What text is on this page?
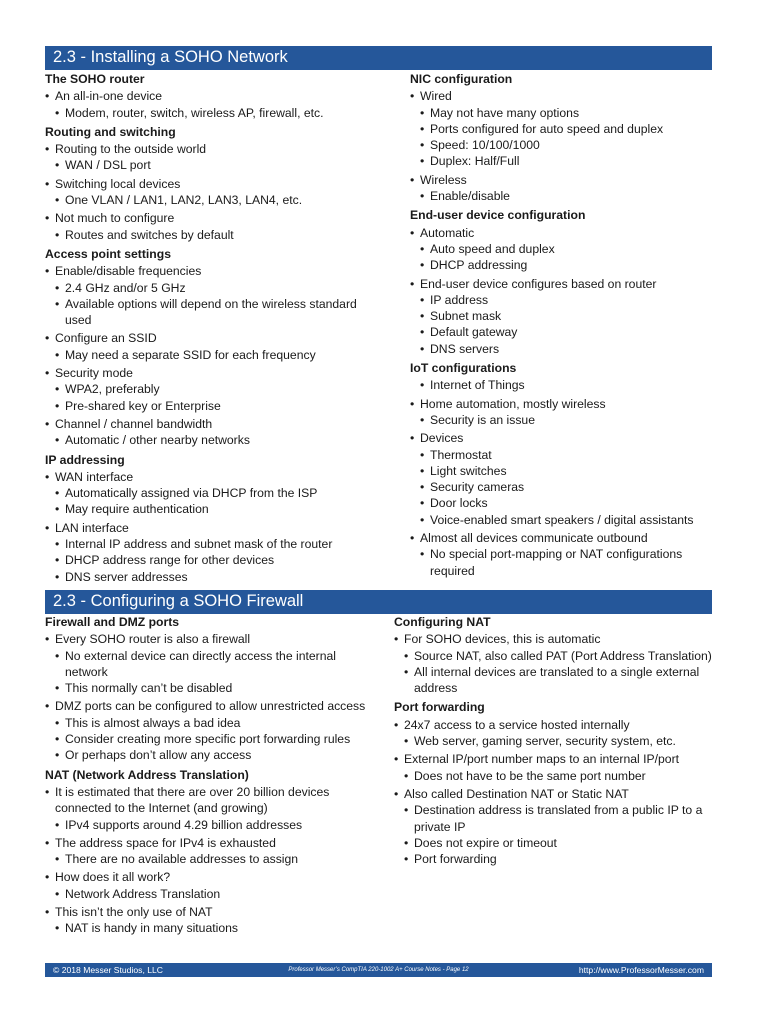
2.3 - Installing a SOHO Network
The SOHO router
• An all-in-one device
• Modem, router, switch, wireless AP, firewall, etc.
Routing and switching
• Routing to the outside world
• WAN / DSL port
• Switching local devices
• One VLAN / LAN1, LAN2, LAN3, LAN4, etc.
• Not much to configure
• Routes and switches by default
Access point settings
• Enable/disable frequencies
• 2.4 GHz and/or 5 GHz
• Available options will depend on the wireless standard used
• Configure an SSID
• May need a separate SSID for each frequency
• Security mode
• WPA2, preferably
• Pre-shared key or Enterprise
• Channel / channel bandwidth
• Automatic / other nearby networks
IP addressing
• WAN interface
• Automatically assigned via DHCP from the ISP
• May require authentication
• LAN interface
• Internal IP address and subnet mask of the router
• DHCP address range for other devices
• DNS server addresses
NIC configuration
• Wired
• May not have many options
• Ports configured for auto speed and duplex
• Speed: 10/100/1000
• Duplex: Half/Full
• Wireless
• Enable/disable
End-user device configuration
• Automatic
• Auto speed and duplex
• DHCP addressing
• End-user device configures based on router
• IP address
• Subnet mask
• Default gateway
• DNS servers
IoT configurations
• Internet of Things
• Home automation, mostly wireless
• Security is an issue
• Devices
• Thermostat
• Light switches
• Security cameras
• Door locks
• Voice-enabled smart speakers / digital assistants
• Almost all devices communicate outbound
• No special port-mapping or NAT configurations required
2.3 - Configuring a SOHO Firewall
Firewall and DMZ ports
• Every SOHO router is also a firewall
• No external device can directly access the internal network
• This normally can’t be disabled
• DMZ ports can be configured to allow unrestricted access
• This is almost always a bad idea
• Consider creating more specific port forwarding rules
• Or perhaps don’t allow any access
NAT (Network Address Translation)
• It is estimated that there are over 20 billion devices connected to the Internet (and growing)
• IPv4 supports around 4.29 billion addresses
• The address space for IPv4 is exhausted
• There are no available addresses to assign
• How does it all work?
• Network Address Translation
• This isn’t the only use of NAT
• NAT is handy in many situations
Configuring NAT
• For SOHO devices, this is automatic
• Source NAT, also called PAT (Port Address Translation)
• All internal devices are translated to a single external address
Port forwarding
• 24x7 access to a service hosted internally
• Web server, gaming server, security system, etc.
• External IP/port number maps to an internal IP/port
• Does not have to be the same port number
• Also called Destination NAT or Static NAT
• Destination address is translated from a public IP to a private IP
• Does not expire or timeout
• Port forwarding
© 2018 Messer Studios, LLC	Professor Messer’s CompTIA 220-1002 A+ Course Notes - Page 12	http://www.ProfessorMesser.com
